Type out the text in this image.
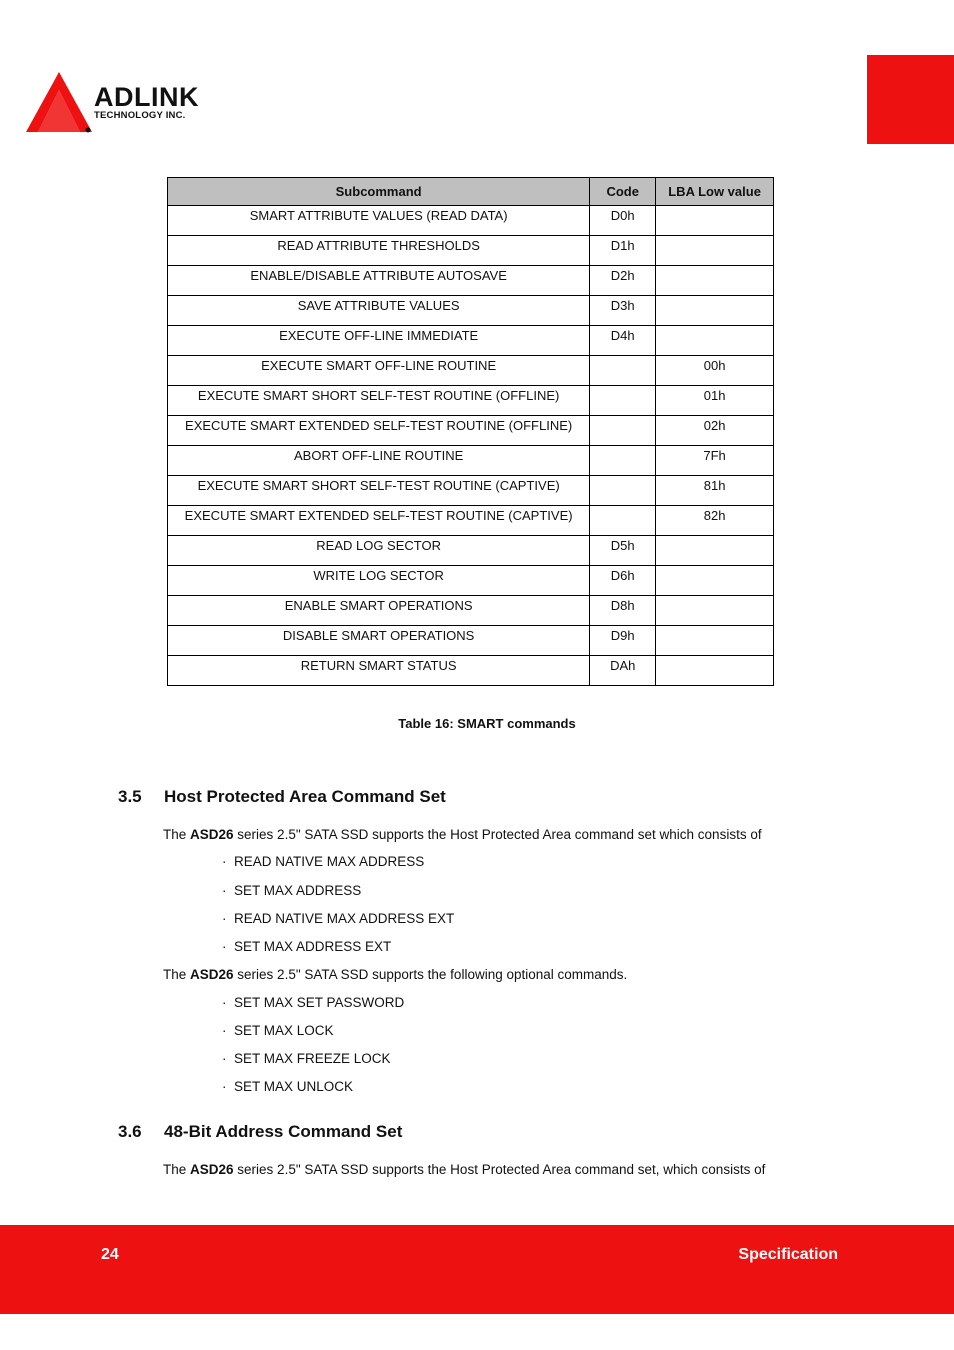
ADLINK
TECHNOLOGY INC.
Subcommand	Code	LBA Low value
SMART ATTRIBUTE VALUES (READ DATA)	D0h	
READ ATTRIBUTE THRESHOLDS	D1h	
ENABLE/DISABLE ATTRIBUTE AUTOSAVE	D2h	
SAVE ATTRIBUTE VALUES	D3h	
EXECUTE OFF-LINE IMMEDIATE	D4h	
EXECUTE SMART OFF-LINE ROUTINE		00h
EXECUTE SMART SHORT SELF-TEST ROUTINE (OFFLINE)		01h
EXECUTE SMART EXTENDED SELF-TEST ROUTINE (OFFLINE)		02h
ABORT OFF-LINE ROUTINE		7Fh
EXECUTE SMART SHORT SELF-TEST ROUTINE (CAPTIVE)		81h
EXECUTE SMART EXTENDED SELF-TEST ROUTINE (CAPTIVE)		82h
READ LOG SECTOR	D5h	
WRITE LOG SECTOR	D6h	
ENABLE SMART OPERATIONS	D8h	
DISABLE SMART OPERATIONS	D9h	
RETURN SMART STATUS	DAh	
Table 16: SMART commands
3.5 Host Protected Area Command Set
The ASD26 series 2.5" SATA SSD supports the Host Protected Area command set which consists of
· READ NATIVE MAX ADDRESS
· SET MAX ADDRESS
· READ NATIVE MAX ADDRESS EXT
· SET MAX ADDRESS EXT
The ASD26 series 2.5" SATA SSD supports the following optional commands.
· SET MAX SET PASSWORD
· SET MAX LOCK
· SET MAX FREEZE LOCK
· SET MAX UNLOCK
3.6 48-Bit Address Command Set
The ASD26 series 2.5" SATA SSD supports the Host Protected Area command set, which consists of
24	Specification
